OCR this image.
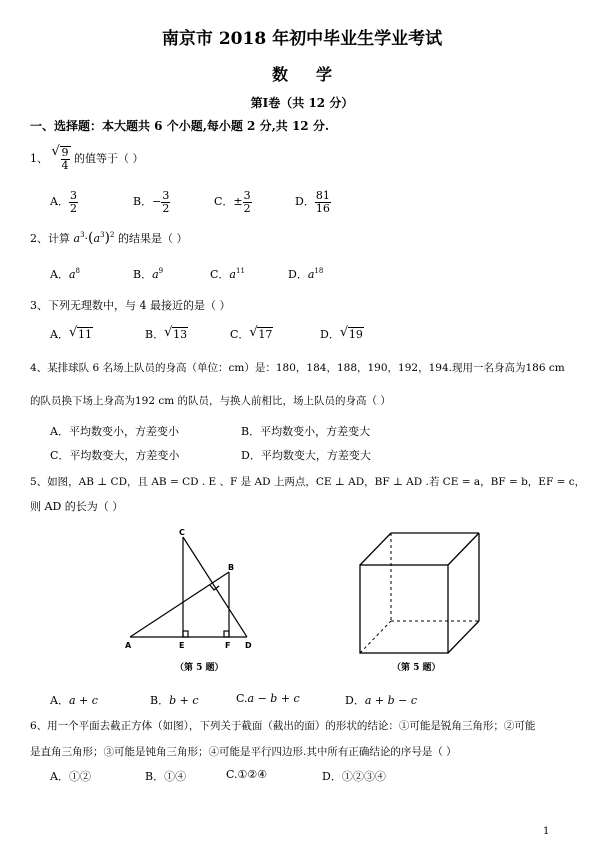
南京市 2018 年初中毕业生学业考试
数学
第Ⅰ卷（共 12 分）
一、选择题：本大题共 6 个小题,每小题 2 分,共 12 分.
1、 √ $\frac{9}{4}$ 的值等于（ ）
A． $\frac{3}{2}$	B．− $\frac{3}{2}$	C．± $\frac{3}{2}$	D． $\frac{81}{16}$
2、计算 $a^3\cdot(a^3)^2$ 的结果是（ ）
A．$a^8$	B．$a^9$	C．$a^{11}$	D．$a^{18}$
3、下列无理数中，与 4 最接近的是（ ）
A． √ 11	B． √ 13	C． √ 17	D． √ 19
4、某排球队 6 名场上队员的身高（单位：cm）是：180，184，188，190，192，194.现用一名身高为186 cm
的队员换下场上身高为192 cm 的队员，与换人前相比，场上队员的身高（ ）
A．平均数变小，方差变小	B．平均数变小，方差变大
C．平均数变大，方差变小	D．平均数变大，方差变大
5、如图，AB ⊥ CD，且 AB = CD . E 、F 是 AD 上两点，CE ⊥ AD，BF ⊥ AD .若 CE = a，BF = b，EF = c，
则 AD 的长为（ ）
C
B
A	E	F D
（第 5 题）	（第 5 题）
A．a + c	B．b + c	C.a − b + c	D．a + b − c
6、用一个平面去截正方体（如图），下列关于截面（截出的面）的形状的结论：①可能是锐角三角形；②可能
是直角三角形；③可能是钝角三角形；④可能是平行四边形.其中所有正确结论的序号是（ ）
A．①②	B．①④	C.①②④	D．①②③④
1
